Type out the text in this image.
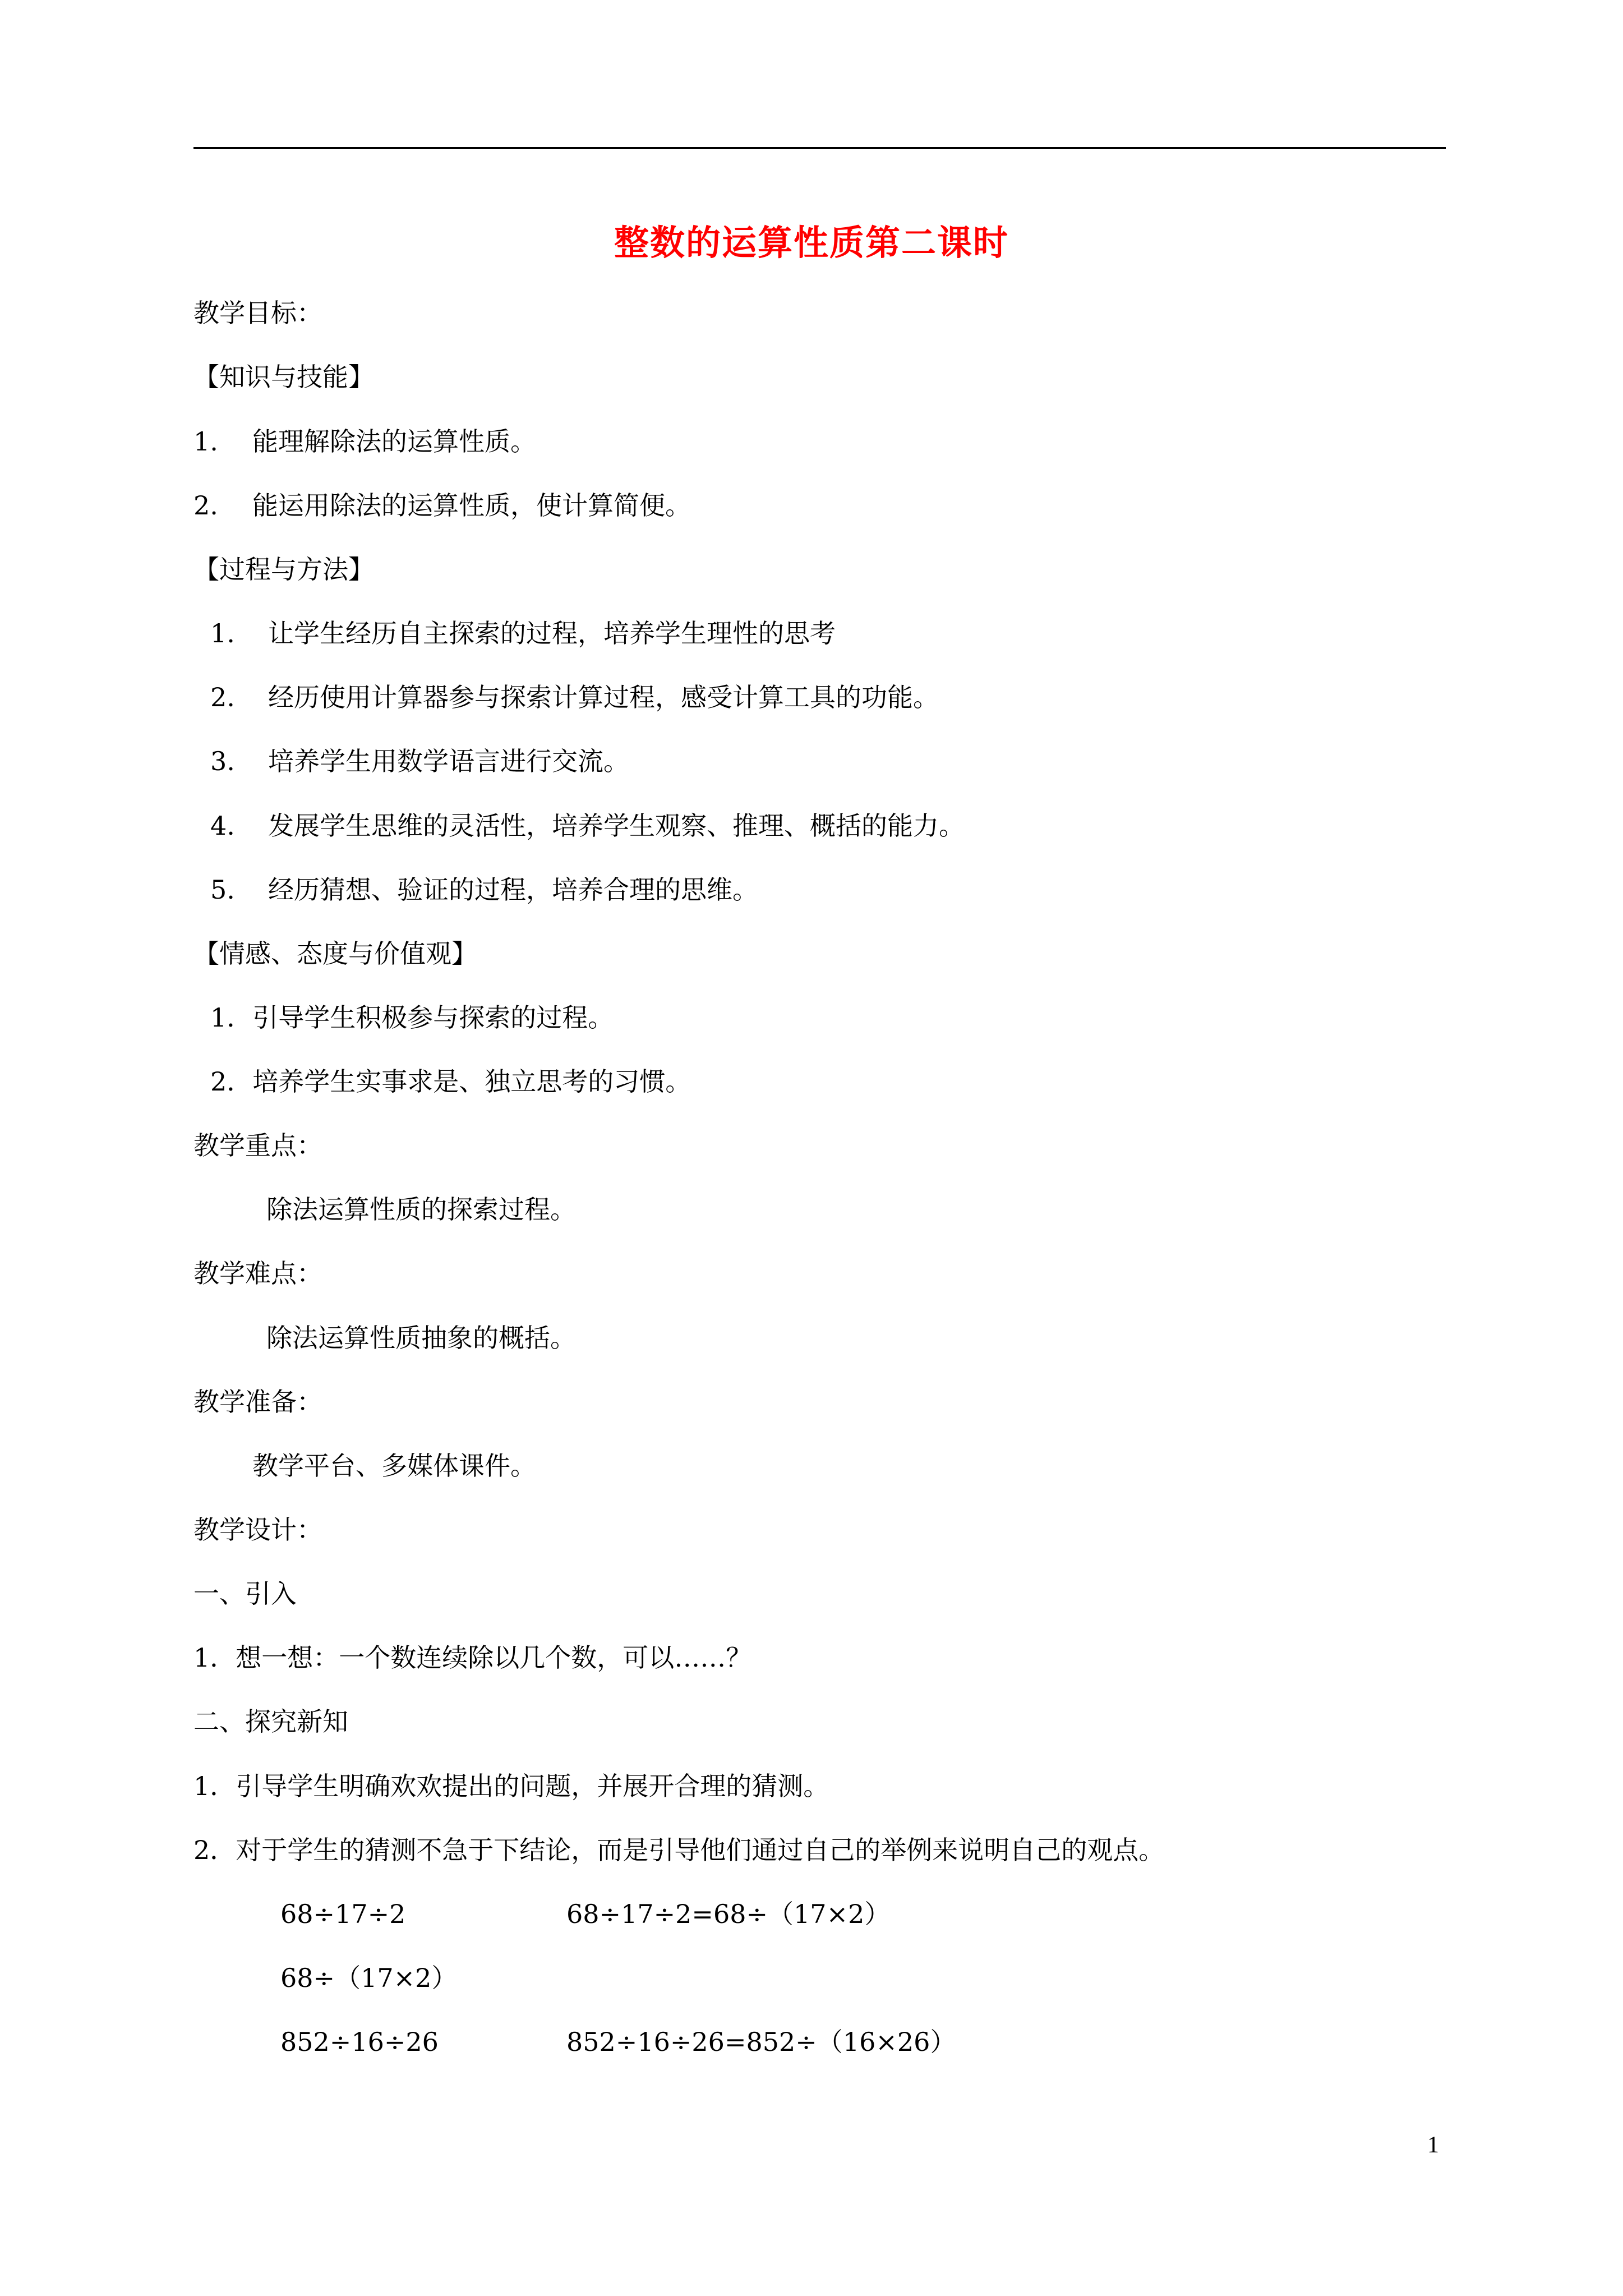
整数的运算性质第二课时
教学目标：
【知识与技能】
1. 能理解除法的运算性质。
2. 能运用除法的运算性质，使计算简便。
【过程与方法】
1. 让学生经历自主探索的过程，培养学生理性的思考
2. 经历使用计算器参与探索计算过程，感受计算工具的功能。
3. 培养学生用数学语言进行交流。
4. 发展学生思维的灵活性，培养学生观察、推理、概括的能力。
5. 经历猜想、验证的过程，培养合理的思维。
【情感、态度与价值观】
1．引导学生积极参与探索的过程。
2．培养学生实事求是、独立思考的习惯。
教学重点：
除法运算性质的探索过程。
教学难点：
除法运算性质抽象的概括。
教学准备：
教学平台、多媒体课件。
教学设计：
一、引入
1．想一想：一个数连续除以几个数，可以……？
二、探究新知
1．引导学生明确欢欢提出的问题，并展开合理的猜测。
2．对于学生的猜测不急于下结论，而是引导他们通过自己的举例来说明自己的观点。
68÷17÷2	68÷17÷2=68÷（17×2）
68÷（17×2）
852÷16÷26	852÷16÷26=852÷（16×26）
1
